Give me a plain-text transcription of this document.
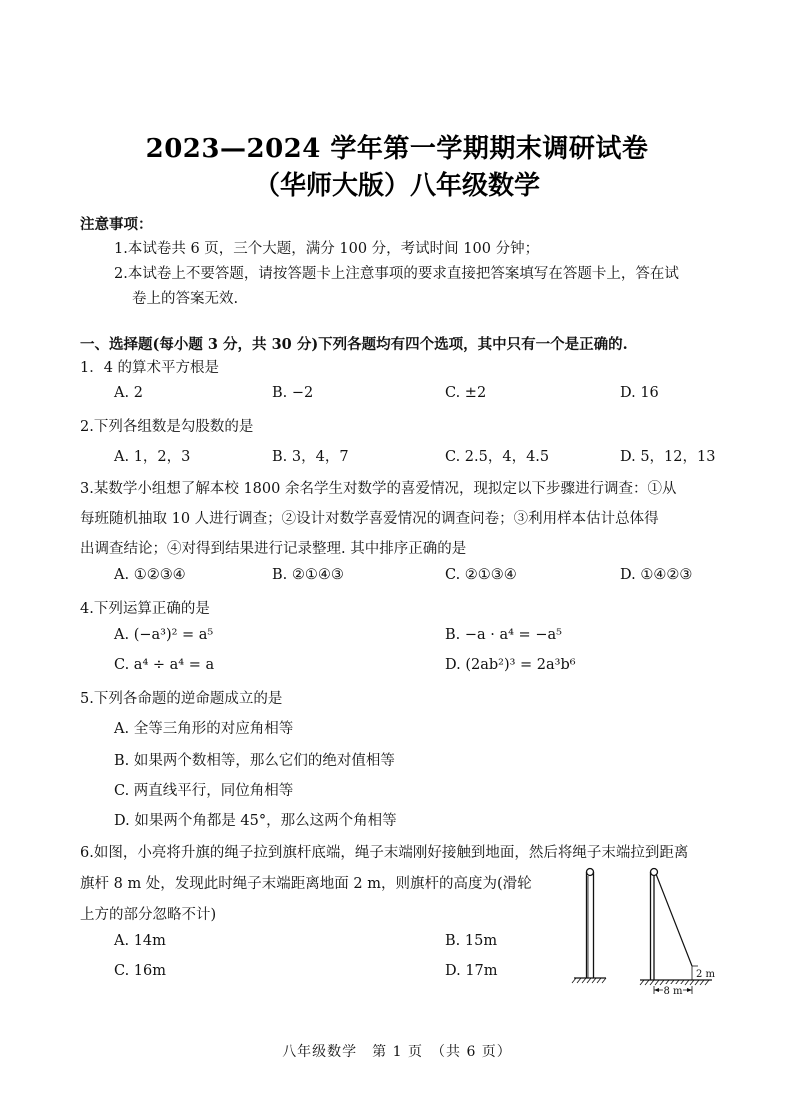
2023—2024 学年第一学期期末调研试卷
（华师大版）八年级数学
注意事项：
1.本试卷共 6 页，三个大题，满分 100 分，考试时间 100 分钟；
2.本试卷上不要答题，请按答题卡上注意事项的要求直接把答案填写在答题卡上，答在试
卷上的答案无效.
一、选择题(每小题 3 分，共 30 分)下列各题均有四个选项，其中只有一个是正确的.
1．4 的算术平方根是
A. 2	B. −2	C. ±2	D. 16
2.下列各组数是勾股数的是
A. 1，2，3	B. 3，4，7	C. 2.5，4，4.5	D. 5，12，13
3.某数学小组想了解本校 1800 余名学生对数学的喜爱情况，现拟定以下步骤进行调查：①从
每班随机抽取 10 人进行调查；②设计对数学喜爱情况的调查问卷；③利用样本估计总体得
出调查结论；④对得到结果进行记录整理. 其中排序正确的是
A. ①②③④	B. ②①④③	C. ②①③④	D. ①④②③
4.下列运算正确的是
A. (−a³)² = a⁵	B. −a · a⁴ = −a⁵
C. a⁴ ÷ a⁴ = a	D. (2ab²)³ = 2a³b⁶
5.下列各命题的逆命题成立的是
A. 全等三角形的对应角相等
B. 如果两个数相等，那么它们的绝对值相等
C. 两直线平行，同位角相等
D. 如果两个角都是 45°，那么这两个角相等
6.如图，小亮将升旗的绳子拉到旗杆底端，绳子末端刚好接触到地面，然后将绳子末端拉到距离
旗杆 8 m 处，发现此时绳子末端距离地面 2 m，则旗杆的高度为(滑轮
上方的部分忽略不计)
A. 14m	B. 15m
C. 16m	D. 17m
8 m
2 m
八年级数学　第 1 页　（共 6 页）
